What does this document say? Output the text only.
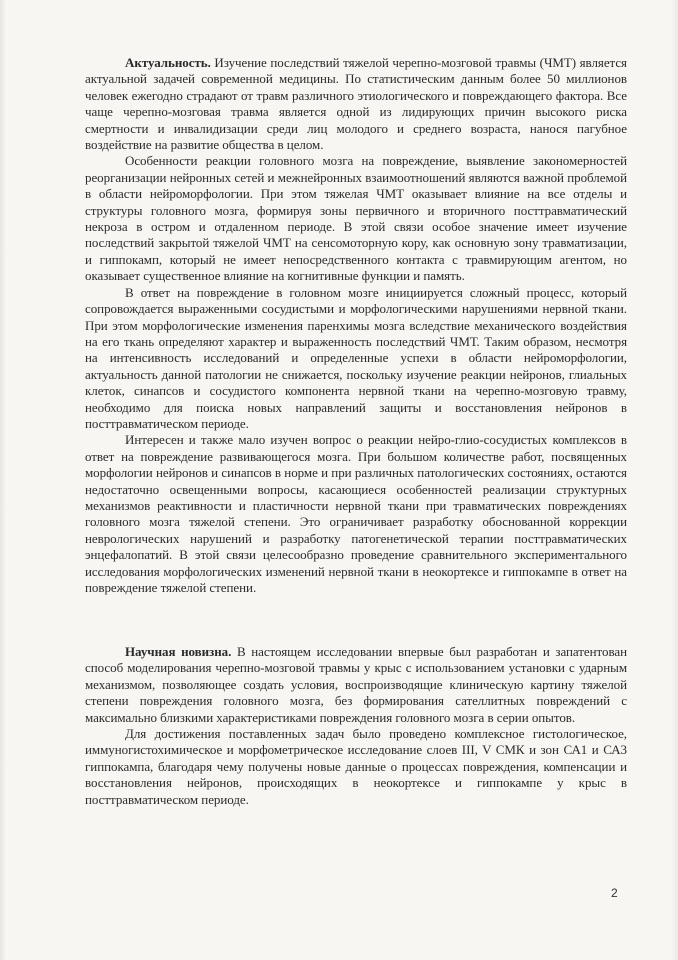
Актуальность. Изучение последствий тяжелой черепно-мозговой травмы (ЧМТ) является актуальной задачей современной медицины. По статистическим данным более 50 миллионов человек ежегодно страдают от травм различного этиологического и повреждающего фактора. Все чаще черепно-мозговая травма является одной из лидирующих причин высокого риска смертности и инвалидизации среди лиц молодого и среднего возраста, нанося пагубное воздействие на развитие общества в целом.

Особенности реакции головного мозга на повреждение, выявление закономерностей реорганизации нейронных сетей и межнейронных взаимоотношений являются важной проблемой в области нейроморфологии. При этом тяжелая ЧМТ оказывает влияние на все отделы и структуры головного мозга, формируя зоны первичного и вторичного посттравматический некроза в остром и отдаленном периоде. В этой связи особое значение имеет изучение последствий закрытой тяжелой ЧМТ на сенсомоторную кору, как основную зону травматизации, и гиппокамп, который не имеет непосредственного контакта с травмирующим агентом, но оказывает существенное влияние на когнитивные функции и память.

В ответ на повреждение в головном мозге инициируется сложный процесс, который сопровождается выраженными сосудистыми и морфологическими нарушениями нервной ткани. При этом морфологические изменения паренхимы мозга вследствие механического воздействия на его ткань определяют характер и выраженность последствий ЧМТ. Таким образом, несмотря на интенсивность исследований и определенные успехи в области нейроморфологии, актуальность данной патологии не снижается, поскольку изучение реакции нейронов, глиальных клеток, синапсов и сосудистого компонента нервной ткани на черепно-мозговую травму, необходимо для поиска новых направлений защиты и восстановления нейронов в посттравматическом периоде.

Интересен и также мало изучен вопрос о реакции нейро-глио-сосудистых комплексов в ответ на повреждение развивающегося мозга. При большом количестве работ, посвященных морфологии нейронов и синапсов в норме и при различных патологических состояниях, остаются недостаточно освещенными вопросы, касающиеся особенностей реализации структурных механизмов реактивности и пластичности нервной ткани при травматических повреждениях головного мозга тяжелой степени. Это ограничивает разработку обоснованной коррекции неврологических нарушений и разработку патогенетической терапии посттравматических энцефалопатий. В этой связи целесообразно проведение сравнительного экспериментального исследования морфологических изменений нервной ткани в неокортексе и гиппокампе в ответ на повреждение тяжелой степени.

Научная новизна. В настоящем исследовании впервые был разработан и запатентован способ моделирования черепно-мозговой травмы у крыс с использованием установки с ударным механизмом, позволяющее создать условия, воспроизводящие клиническую картину тяжелой степени повреждения головного мозга, без формирования сателлитных повреждений с максимально близкими характеристиками повреждения головного мозга в серии опытов.

Для достижения поставленных задач было проведено комплексное гистологическое, иммуногистохимическое и морфометрическое исследование слоев III, V СМК и зон СА1 и СА3 гиппокампа, благодаря чему получены новые данные о процессах повреждения, компенсации и восстановления нейронов, происходящих в неокортексе и гиппокампе у крыс в посттравматическом периоде.

2
